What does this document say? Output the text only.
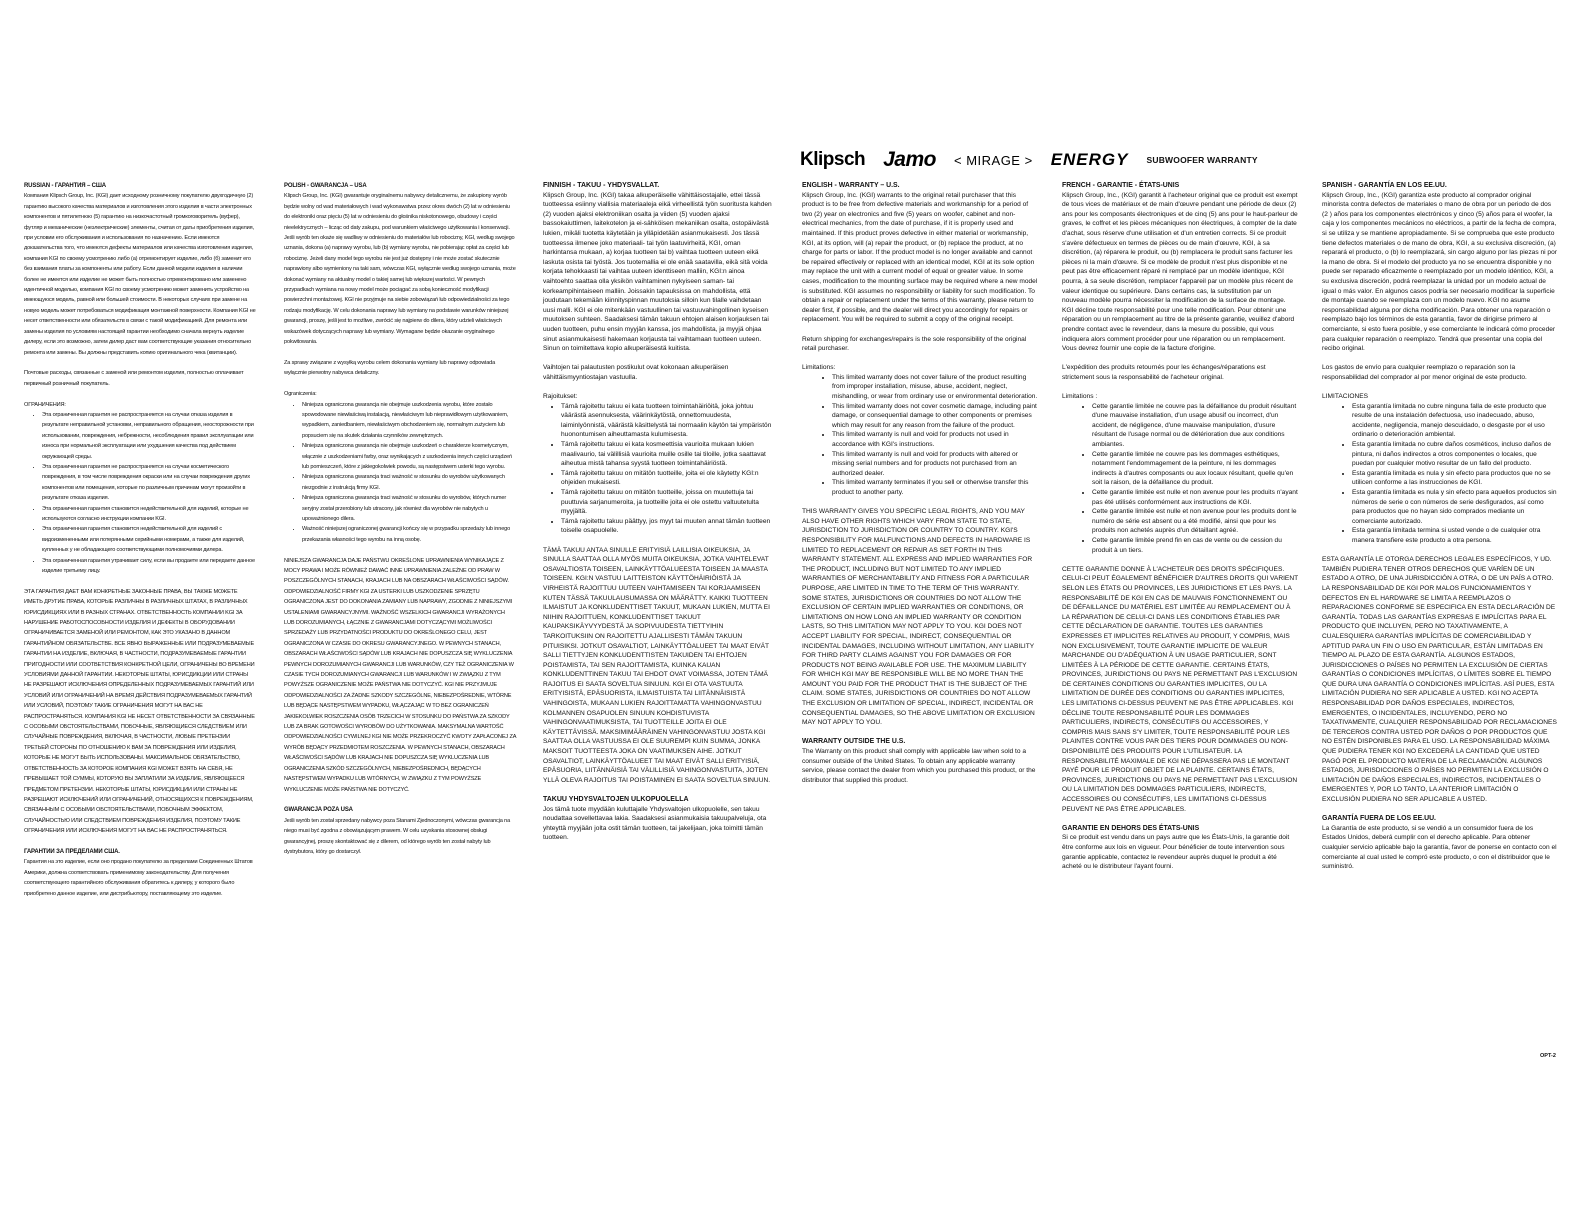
Klipsch Jamo < MIRAGE > ENERGY SUBWOOFER WARRANTY
RUSSIAN - ГАРАНТИЯ – США

Компания Klipsch Group, Inc. (KGI) дает исходному розничному покупателю двухгодичную (2) гарантию высокого качества материалов и изготовления этого изделия в части электронных компонентов и пятилетнюю (5) гарантию на низкочастотный громкоговоритель (вуфер), футляр и механические (неэлектрические) элементы, считая от даты приобретения изделия, при условии его обслуживания и использования по назначению. Если имеются доказательства того, что имеются дефекты материалов или качества изготовления изделия, компания KGI по своему усмотрению либо (а) отремонтирует изделие, либо (б) заменит его без взимания платы за компоненты или работу. Если данной модели изделия в наличии более не имеется или изделие не может быть полностью отремонтировано или заменено идентичной моделью, компания KGI по своему усмотрению может заменить устройство на имеющуюся модель, равной или большей стоимости. В некоторых случаях при замене на новую модель может потребоваться модификация монтажной поверхности. Компания KGI не несет ответственности или обязательств в связи с такой модификацией. Для ремонта или замены изделия по условиям настоящей гарантии необходимо сначала вернуть изделие дилеру, если это возможно, затем дилер даст вам соответствующие указания относительно ремонта или замены. Вы должны представить копию оригинального чека (квитанции).

Почтовые расходы, связанные с заменой или ремонтом изделия, полностью оплачивает первичный розничный покупатель.

ОГРАНИЧЕНИЯ:
• Эта ограниченная гарантия не распространяется на случаи отказа изделия в результате неправильной установки, неправильного обращения, неосторожности при использовании, повреждения, небрежности, несоблюдения правил эксплуатации или износа при нормальной эксплуатации или ухудшения качества под действием окружающей среды.
• Эта ограниченная гарантия не распространяется на случаи косметического повреждения, в том числе повреждения окраски или на случаи повреждения других компонентов или помещения, которые по различным причинам могут произойти в результате отказа изделия.
• Эта ограниченная гарантия становится недействительной для изделий, которые не используются согласно инструкции компании KGI.
• Эта ограниченная гарантия становится недействительной для изделий с видоизмененными или потерянными серийными номерами, а также для изделий, купленных у не обладающего соответствующими полномочиями дилера.
• Эта ограниченная гарантия утрачивает силу, если вы продаете или передаете данное изделие третьему лицу.

ЭТА ГАРАНТИЯ ДАЕТ ВАМ КОНКРЕТНЫЕ ЗАКОННЫЕ ПРАВА, ВЫ ТАКЖЕ МОЖЕТЕ ИМЕТЬ ДРУГИЕ ПРАВА, КОТОРЫЕ РАЗЛИЧНЫ В РАЗЛИЧНЫХ ШТАТАХ, В РАЗЛИЧНЫХ ЮРИСДИКЦИЯХ ИЛИ В РАЗНЫХ СТРАНАХ. ОТВЕТСТВЕННОСТЬ КОМПАНИИ KGI ЗА НАРУШЕНИЕ РАБОТОСПОСОБНОСТИ ИЗДЕЛИЯ И ДЕФЕКТЫ В ОБОРУДОВАНИИ ОГРАНИЧИВАЕТСЯ ЗАМЕНОЙ ИЛИ РЕМОНТОМ, КАК ЭТО УКАЗАНО В ДАННОМ ГАРАНТИЙНОМ ОБЯЗАТЕЛЬСТВЕ. ВСЕ ЯВНО ВЫРАЖЕННЫЕ ИЛИ ПОДРАЗУМЕВАЕМЫЕ ГАРАНТИИ НА ИЗДЕЛИЕ, ВКЛЮЧАЯ, В ЧАСТНОСТИ, ПОДРАЗУМЕВАЕМЫЕ ГАРАНТИИ ПРИГОДНОСТИ ИЛИ СООТВЕТСТВИЯ КОНКРЕТНОЙ ЦЕЛИ, ОГРАНИЧЕНЫ ВО ВРЕМЕНИ УСЛОВИЯМИ ДАННОЙ ГАРАНТИИ. НЕКОТОРЫЕ ШТАТЫ, ЮРИСДИКЦИИ ИЛИ СТРАНЫ НЕ РАЗРЕШАЮТ ИСКЛЮЧЕНИЯ ОПРЕДЕЛЕННЫХ ПОДРАЗУМЕВАЕМЫХ ГАРАНТИЙ ИЛИ УСЛОВИЙ ИЛИ ОГРАНИЧЕНИЙ НА ВРЕМЯ ДЕЙСТВИЯ ПОДРАЗУМЕВАЕМЫХ ГАРАНТИЙ ИЛИ УСЛОВИЙ, ПОЭТОМУ ТАКИЕ ОГРАНИЧЕНИЯ МОГУТ НА ВАС НЕ РАСПРОСТРАНЯТЬСЯ. КОМПАНИЯ KGI НЕ НЕСЕТ ОТВЕТСТВЕННОСТИ ЗА СВЯЗАННЫЕ С ОСОБЫМИ ОБСТОЯТЕЛЬСТВАМИ, ПОБОЧНЫЕ, ЯВЛЯЮЩИЕСЯ СЛЕДСТВИЕМ ИЛИ СЛУЧАЙНЫЕ ПОВРЕЖДЕНИЯ, ВКЛЮЧАЯ, В ЧАСТНОСТИ, ЛЮБЫЕ ПРЕТЕНЗИИ ТРЕТЬЕЙ СТОРОНЫ ПО ОТНОШЕНИЮ К ВАМ ЗА ПОВРЕЖДЕНИЯ ИЛИ ИЗДЕЛИЯ, КОТОРЫЕ НЕ МОГУТ БЫТЬ ИСПОЛЬЗОВАНЫ. МАКСИМАЛЬНОЕ ОБЯЗАТЕЛЬСТВО, ОТВЕТСТВЕННОСТЬ ЗА КОТОРОЕ КОМПАНИЯ KGI МОЖЕТ ВЗЯТЬ НА СЕБЯ, НЕ ПРЕВЫШАЕТ ТОЙ СУММЫ, КОТОРУЮ ВЫ ЗАПЛАТИЛИ ЗА ИЗДЕЛИЕ, ЯВЛЯЮЩЕЕСЯ ПРЕДМЕТОМ ПРЕТЕНЗИИ. НЕКОТОРЫЕ ШТАТЫ, ЮРИСДИКЦИИ ИЛИ СТРАНЫ НЕ РАЗРЕШАЮТ ИСКЛЮЧЕНИЙ ИЛИ ОГРАНИЧЕНИЙ, ОТНОСЯЩИХСЯ К ПОВРЕЖДЕНИЯМ, СВЯЗАННЫМ С ОСОБЫМИ ОБСТОЯТЕЛЬСТВАМИ, ПОБОЧНЫМ ЭФФЕКТОМ, СЛУЧАЙНОСТЬЮ ИЛИ СЛЕДСТВИЕМ ПОВРЕЖДЕНИЯ ИЗДЕЛИЯ, ПОЭТОМУ ТАКИЕ ОГРАНИЧЕНИЯ ИЛИ ИСКЛЮЧЕНИЯ МОГУТ НА ВАС НЕ РАСПРОСТРАНЯТЬСЯ.

ГАРАНТИИ ЗА ПРЕДЕЛАМИ США.

Гарантия на это изделие, если оно продано покупателю за пределами Соединенных Штатов Америки, должна соответствовать применимому законодательству. Для получения соответствующего гарантийного обслуживания обратитесь к дилеру, у которого было приобретено данное изделие, или дистрибьютору, поставляющему это изделие.

POLISH - GWARANCJA – USA

Klipsch Group, Inc. (KGI) gwarantuje oryginalnemu nabywcy detalicznemu, że zakupiony wyrób będzie wolny od wad materiałowych i wad wykonawstwa przez okres dwóch (2) lat w odniesieniu do elektroniki oraz pięciu (5) lat w odniesieniu do głośnika niskotonowego, obudowy i części nieelektrycznych – licząc od daty zakupu, pod warunkiem właściwego użytkowania i konserwacji. Jeśli wyrób ten okaże się wadliwy w odniesieniu do materiałów lub robocizny, KGI, według swojego uznania, dokona (a) naprawy wyrobu, lub (b) wymiany wyrobu, nie pobierając opłat za części lub robociznę. Jeżeli dany model tego wyrobu nie jest już dostępny i nie może zostać skutecznie naprawiony albo wymieniony na taki sam, wówczas KGI, wyłącznie według swojego uznania, może dokonać wymiany na aktualny model o takiej samej lub większej wartości. W pewnych przypadkach wymiana na nowy model może pociągać za sobą konieczność modyfikacji powierzchni montażowej. KGI nie przyjmuje na siebie zobowiązań lub odpowiedzialności za tego rodzaju modyfikację. W celu dokonania naprawy lub wymiany na podstawie warunków niniejszej gwarancji, proszę, jeśli jest to możliwe, zwrócić się najpierw do dilera, który udzieli właściwych wskazówek dotyczących naprawy lub wymiany. Wymagane będzie okazanie oryginalnego pokwitowania.

Za sprawy związane z wysyłką wyrobu celem dokonania wymiany lub naprawy odpowiada wyłącznie pierwotny nabywca detaliczny.

Ograniczenia:
• Niniejsza ograniczona gwarancja nie obejmuje uszkodzenia wyrobu, które zostało spowodowane niewłaściwą instalacją, niewłaściwym lub nieprawidłowym użytkowaniem, wypadkiem, zaniedbaniem, niewłaściwym obchodzeniem się, normalnym zużyciem lub popsuciem się na skutek działania czynników zewnętrznych.
• Niniejsza ograniczona gwarancja nie obejmuje uszkodzeń o charakterze kosmetycznym, włącznie z uszkodzeniami farby, oraz wynikających z uszkodzenia innych części urządzeń lub pomieszczeń, które z jakiegokolwiek powodu, są następstwem usterki tego wyrobu.
• Niniejsza ograniczona gwarancja traci ważność w stosunku do wyrobów użytkowanych niezgodnie z instrukcją firmy KGI.
• Niniejsza ograniczona gwarancja traci ważność w stosunku do wyrobów, których numer seryjny został przerobiony lub utracony, jak również dla wyrobów nie nabytych u upoważnionego dilera.
• Ważność niniejszej ograniczonej gwarancji kończy się w przypadku sprzedaży lub innego przekazania własności tego wyrobu na inną osobę.

NINIEJSZA GWARANCJA DAJE PAŃSTWU OKREŚLONE UPRAWNIENIA WYNIKAJĄCE Z MOCY PRAWA I MOŻE RÓWNIEŻ DAWAĆ INNE UPRAWNIENIA ZALEŻNE OD PRAW W POSZCZEGÓLNYCH STANACH, KRAJACH LUB NA OBSZARACH WŁAŚCIWOŚCI SĄDÓW. ODPOWIEDZIALNOŚĆ FIRMY KGI ZA USTERKI LUB USZKODZENIE SPRZĘTU OGRANICZONA JEST DO DOKONANIA ZAMIANY LUB NAPRAWY, ZGODNIE Z NINIEJSZYMI USTALENIAMI GWARANCYJNYMI. WAŻNOŚĆ WSZELKICH GWARANCJI WYRAŻONYCH LUB DOROZUMIANYCH, ŁĄCZNIE Z GWARANCJAMI DOTYCZĄCYMI MOŻLIWOŚCI SPRZEDAŻY LUB PRZYDATNOŚCI PRODUKTU DO OKREŚLONEGO CELU, JEST OGRANICZONA W CZASIE DO OKRESU GWARANCYJNEGO. W PEWNYCH STANACH, OBSZARACH WŁAŚCIWOŚCI SĄDÓW LUB KRAJACH NIE DOPUSZCZA SIĘ WYKLUCZENIA PEWNYCH DOROZUMIANYCH GWARANCJI LUB WARUNKÓW, CZY TEŻ OGRANICZENIA W CZASIE TYCH DOROZUMIANYCH GWARANCJI LUB WARUNKÓW I W ZWIĄZKU Z TYM POWYŻSZE OGRANICZENIE MOŻE PAŃSTWA NIE DOTYCZYĆ. KGI NIE PRZYJMUJE ODPOWIEDZIALNOŚCI ZA ŻADNE SZKODY SZCZEGÓLNE, NIEBEZPOŚREDNIE, WTÓRNE LUB BĘDĄCE NASTĘPSTWEM WYPADKU, WŁĄCZAJĄC W TO BEZ OGRANICZEŃ JAKIEKOLWIEK ROSZCZENIA OSÓB TRZECICH W STOSUNKU DO PAŃSTWA ZA SZKODY LUB ZA BRAK GOTOWOŚCI WYROBÓW DO UŻYTKOWANIA. MAKSYMALNA WARTOŚĆ ODPOWIEDZIALNOŚCI CYWILNEJ KGI NIE MOŻE PRZEKROCZYĆ KWOTY ZAPŁACONEJ ZA WYRÓB BĘDĄCY PRZEDMIOTEM ROSZCZENIA. W PEWNYCH STANACH, OBSZARACH WŁAŚCIWOŚCI SĄDÓW LUB KRAJACH NIE DOPUSZCZA SIĘ WYKLUCZENIA LUB OGRANICZENIA SZKÓD SZCZEGÓLNYCH, NIEBEZPOŚREDNICH, BĘDĄCYCH NASTĘPSTWEM WYPADKU LUB WTÓRNYCH, W ZWIĄZKU Z TYM POWYŻSZE WYKLUCZENIE MOŻE PAŃSTWA NIE DOTYCZYĆ.

GWARANCJA POZA USA

Jeśli wyrób ten został sprzedany nabywcy poza Stanami Zjednoczonymi, wówczas gwarancja na niego musi być zgodna z obowiązującym prawem. W celu uzyskania stosownej obsługi gwarancyjnej, proszę skontaktować się z dilerem, od którego wyrób ten został nabyty lub dystrybutora, który go dostarczył.

FINNISH - TAKUU - YHDYSVALLAT.

Klipsch Group, Inc. (KGI) takaa alkuperäiselle vähittäisostajalle, ettei tässä tuotteessa esiinny viallisia materiaaleja eikä virheellistä työn suoritusta kahden (2) vuoden ajaksi elektroniikan osalta ja viiden (5) vuoden ajaksi bassokaiuttimen, laitekotelon ja ei-sähköisen mekaniikan osalta, ostopäivästä lukien, mikäli tuotetta käytetään ja ylläpidetään asianmukaisesti. Jos tässä tuotteessa ilmenee joko materiaali- tai työn laatuvirheitä, KGI, oman harkintansa mukaan, a) korjaa tuotteen tai b) vaihtaa tuotteen uuteen eikä laskuta osista tai työstä. Jos tuotemallia ei ole enää saatavilla, eikä sitä voida korjata tehokkaasti tai vaihtaa uuteen identtiseen malliin, KGI:n ainoa vaihtoehto saattaa olla yksikön vaihtaminen nykyiseen saman- tai korkeampihintaiseen malliin. Joissakin tapauksissa on mahdollista, että joudutaan tekemään kiinnityspinnan muutoksia silloin kun tilalle vaihdetaan uusi malli. KGI ei ole mitenkään vastuullinen tai vastuuvahingollinen kyseisen muutoksen suhteen. Saadaksesi tämän takuun ehtojen alaisen korjauksen tai uuden tuotteen, puhu ensin myyjän kanssa, jos mahdollista, ja myyjä ohjaa sinut asianmukaisesti hakemaan korjausta tai vaihtamaan tuotteen uuteen. Sinun on toimitettava kopio alkuperäisestä kuitista.

Vaihtojen tai palautusten postikulut ovat kokonaan alkuperäisen vähittäismyyntiostajan vastuulla.

Rajoitukset:
• Tämä rajoitettu takuu ei kata tuotteen toimintahäiriöitä, joka johtuu väärästä asennuksesta, väärinkäytöstä, onnettomuudesta, laiminlyönnistä, väärästä käsittelystä tai normaalin käytön tai ympäristön huonontumisen aiheuttamasta kulumisesta.
• Tämä rajoitettu takuu ei kata kosmeettisia vaurioita mukaan lukien maalivaurio, tai välillisiä vaurioita muille osille tai tiloille, jotka saattavat aiheutua mistä tahansa syystä tuotteen toimintahäiriöstä.
• Tämä rajoitettu takuu on mitätön tuotteille, joita ei ole käytetty KGI:n ohjeiden mukaisesti.
• Tämä rajoitettu takuu on mitätön tuotteille, joissa on muutettuja tai puuttuvia sarjanumeroita, ja tuotteille joita ei ole ostettu valtuutetulta myyjältä.
• Tämä rajoitettu takuu päättyy, jos myyt tai muuten annat tämän tuotteen toiselle osapuolelle.

TÄMÄ TAKUU ANTAA SINULLE ERITYISIÄ LAILLISIA OIKEUKSIA, JA SINULLA SAATTAA OLLA MYÖS MUITA OIKEUKSIA, JOTKA VAIHTELEVAT OSAVALTIOSTA TOISEEN, LAINKÄYTTÖALUEESTA TOISEEN JA MAASTA TOISEEN. KGI:N VASTUU LAITTEISTON KÄYTTÖHÄIRIÖISTÄ JA VIRHEISTÄ RAJOITTUU UUTEEN VAIHTAMISEEN TAI KORJAAMISEEN KUTEN TÄSSÄ TAKUULAUSUMASSA ON MÄÄRÄTTY. KAIKKI TUOTTEEN ILMAISTUT JA KONKLUDENTTISET TAKUUT, MUKAAN LUKIEN, MUTTA EI NIIHIN RAJOITTUEN, KONKLUDENTTISET TAKUUT KAUPAKSIKÄYVYYDESTÄ JA SOPIVUUDESTA TIETTYIHIN TARKOITUKSIIN ON RAJOITETTU AJALLISESTI TÄMÄN TAKUUN PITUISIKSI. JOTKUT OSAVALTIOT, LAINKÄYTTÖALUEET TAI MAAT EIVÄT SALLI TIETTYJEN KONKLUDENTTISTEN TAKUIDEN TAI EHTOJEN POISTAMISTA, TAI SEN RAJOITTAMISTA, KUINKA KAUAN KONKLUDENTTINEN TAKUU TAI EHDOT OVAT VOIMASSA, JOTEN TÄMÄ RAJOITUS EI SAATA SOVELTUA SINUUN. KGI EI OTA VASTUUTA ERITYISISTÄ, EPÄSUORISTA, ILMAISTUISTA TAI LIITÄNNÄISISTÄ VAHINGOISTA, MUKAAN LUKIEN RAJOITTAMATTA VAHINGONVASTUU KOLMANNEN OSAPUOLEN SINUUN KOHDISTUVISTA VAHINGONVAATIMUKSISTA, TAI TUOTTEILLE JOITA EI OLE KÄYTETTÄVISSÄ. MAKSIMIMÄÄRÄINEN VAHINGONVASTUU JOSTA KGI SAATTAA OLLA VASTUUSSA EI OLE SUUREMPI KUIN SUMMA, JONKA MAKSOIT TUOTTEESTA JOKA ON VAATIMUKSEN AIHE. JOTKUT OSAVALTIOT, LAINKÄYTTÖALUEET TAI MAAT EIVÄT SALLI ERITYISIÄ, EPÄSUORIA, LIITÄNNÄISIÄ TAI VÄLILLISIÄ VAHINGONVASTUITA, JOTEN YLLÄ OLEVA RAJOITUS TAI POISTAMINEN EI SAATA SOVELTUA SINUUN.

TAKUU YHDYSVALTOJEN ULKOPUOLELLA

Jos tämä tuote myydään kuluttajalle Yhdysvaltojen ulkopuolelle, sen takuu noudattaa sovellettavaa lakia. Saadaksesi asianmukaisia takuupalveluja, ota yhteyttä myyjään jolta ostit tämän tuotteen, tai jakelijaan, joka toimitti tämän tuotteen.

ENGLISH - WARRANTY – U.S.

Klipsch Group, Inc. (KGI) warrants to the original retail purchaser that this product is to be free from defective materials and workmanship for a period of two (2) year on electronics and five (5) years on woofer, cabinet and non-electrical mechanics, from the date of purchase, if it is properly used and maintained. If this product proves defective in either material or workmanship, KGI, at its option, will (a) repair the product, or (b) replace the product, at no charge for parts or labor. If the product model is no longer available and cannot be repaired effectively or replaced with an identical model, KGI at its sole option may replace the unit with a current model of equal or greater value. In some cases, modification to the mounting surface may be required where a new model is substituted. KGI assumes no responsibility or liability for such modification. To obtain a repair or replacement under the terms of this warranty, please return to dealer first, if possible, and the dealer will direct you accordingly for repairs or replacement. You will be required to submit a copy of the original receipt.

Return shipping for exchanges/repairs is the sole responsibility of the original retail purchaser.

Limitations:
• This limited warranty does not cover failure of the product resulting from improper installation, misuse, abuse, accident, neglect, mishandling, or wear from ordinary use or environmental deterioration.
• This limited warranty does not cover cosmetic damage, including paint damage, or consequential damage to other components or premises which may result for any reason from the failure of the product.
• This limited warranty is null and void for products not used in accordance with KGI's instructions.
• This limited warranty is null and void for products with altered or missing serial numbers and for products not purchased from an authorized dealer.
• This limited warranty terminates if you sell or otherwise transfer this product to another party.

THIS WARRANTY GIVES YOU SPECIFIC LEGAL RIGHTS, AND YOU MAY ALSO HAVE OTHER RIGHTS WHICH VARY FROM STATE TO STATE, JURISDICTION TO JURISDICTION OR COUNTRY TO COUNTRY. KGI'S RESPONSIBILITY FOR MALFUNCTIONS AND DEFECTS IN HARDWARE IS LIMITED TO REPLACEMENT OR REPAIR AS SET FORTH IN THIS WARRANTY STATEMENT. ALL EXPRESS AND IMPLIED WARRANTIES FOR THE PRODUCT, INCLUDING BUT NOT LIMITED TO ANY IMPLIED WARRANTIES OF MERCHANTABILITY AND FITNESS FOR A PARTICULAR PURPOSE, ARE LIMITED IN TIME TO THE TERM OF THIS WARRANTY. SOME STATES, JURISDICTIONS OR COUNTRIES DO NOT ALLOW THE EXCLUSION OF CERTAIN IMPLIED WARRANTIES OR CONDITIONS, OR LIMITATIONS ON HOW LONG AN IMPLIED WARRANTY OR CONDITION LASTS, SO THIS LIMITATION MAY NOT APPLY TO YOU. KGI DOES NOT ACCEPT LIABILITY FOR SPECIAL, INDIRECT, CONSEQUENTIAL OR INCIDENTAL DAMAGES, INCLUDING WITHOUT LIMITATION, ANY LIABILITY FOR THIRD PARTY CLAIMS AGAINST YOU FOR DAMAGES OR FOR PRODUCTS NOT BEING AVAILABLE FOR USE. THE MAXIMUM LIABILITY FOR WHICH KGI MAY BE RESPONSIBLE WILL BE NO MORE THAN THE AMOUNT YOU PAID FOR THE PRODUCT THAT IS THE SUBJECT OF THE CLAIM. SOME STATES, JURISDICTIONS OR COUNTRIES DO NOT ALLOW THE EXCLUSION OR LIMITATION OF SPECIAL, INDIRECT, INCIDENTAL OR CONSEQUENTIAL DAMAGES, SO THE ABOVE LIMITATION OR EXCLUSION MAY NOT APPLY TO YOU.

WARRANTY OUTSIDE THE U.S.

The Warranty on this product shall comply with applicable law when sold to a consumer outside of the United States. To obtain any applicable warranty service, please contact the dealer from which you purchased this product, or the distributor that supplied this product.

FRENCH - GARANTIE - ÉTATS-UNIS

Klipsch Group, Inc., (KGI) garantit à l'acheteur original que ce produit est exempt de tous vices de matériaux et de main d'œuvre pendant une période de deux (2) ans pour les composants électroniques et de cinq (5) ans pour le haut-parleur de graves, le coffret et les pièces mécaniques non électriques, à compter de la date d'achat, sous réserve d'une utilisation et d'un entretien corrects. Si ce produit s'avère défectueux en termes de pièces ou de main d'œuvre, KGI, à sa discrétion, (a) réparera le produit, ou (b) remplacera le produit sans facturer les pièces ni la main d'œuvre. Si ce modèle de produit n'est plus disponible et ne peut pas être efficacement réparé ni remplacé par un modèle identique, KGI pourra, à sa seule discrétion, remplacer l'appareil par un modèle plus récent de valeur identique ou supérieure. Dans certains cas, la substitution par un nouveau modèle pourra nécessiter la modification de la surface de montage. KGI décline toute responsabilité pour une telle modification. Pour obtenir une réparation ou un remplacement au titre de la présente garantie, veuillez d'abord prendre contact avec le revendeur, dans la mesure du possible, qui vous indiquera alors comment procéder pour une réparation ou un remplacement. Vous devrez fournir une copie de la facture d'origine.

L'expédition des produits retournés pour les échanges/réparations est strictement sous la responsabilité de l'acheteur original.

Limitations :
• Cette garantie limitée ne couvre pas la défaillance du produit résultant d'une mauvaise installation, d'un usage abusif ou incorrect, d'un accident, de négligence, d'une mauvaise manipulation, d'usure résultant de l'usage normal ou de détérioration due aux conditions ambiantes.
• Cette garantie limitée ne couvre pas les dommages esthétiques, notamment l'endommagement de la peinture, ni les dommages indirects à d'autres composants ou aux locaux résultant, quelle qu'en soit la raison, de la défaillance du produit.
• Cette garantie limitée est nulle et non avenue pour les produits n'ayant pas été utilisés conformément aux instructions de KGI.
• Cette garantie limitée est nulle et non avenue pour les produits dont le numéro de série est absent ou a été modifié, ainsi que pour les produits non achetés auprès d'un détaillant agréé.
• Cette garantie limitée prend fin en cas de vente ou de cession du produit à un tiers.

CETTE GARANTIE DONNE À L'ACHETEUR DES DROITS SPÉCIFIQUES. CELUI-CI PEUT ÉGALEMENT BÉNÉFICIER D'AUTRES DROITS QUI VARIENT SELON LES ÉTATS OU PROVINCES, LES JURIDICTIONS ET LES PAYS. LA RESPONSABILITÉ DE KGI EN CAS DE MAUVAIS FONCTIONNEMENT OU DE DÉFAILLANCE DU MATÉRIEL EST LIMITÉE AU REMPLACEMENT OU À LA RÉPARATION DE CELUI-CI DANS LES CONDITIONS ÉTABLIES PAR CETTE DÉCLARATION DE GARANTIE. TOUTES LES GARANTIES EXPRESSES ET IMPLICITES RELATIVES AU PRODUIT, Y COMPRIS, MAIS NON EXCLUSIVEMENT, TOUTE GARANTIE IMPLICITE DE VALEUR MARCHANDE OU D'ADÉQUATION À UN USAGE PARTICULIER, SONT LIMITÉES À LA PÉRIODE DE CETTE GARANTIE. CERTAINS ÉTATS, PROVINCES, JURIDICTIONS OU PAYS NE PERMETTANT PAS L'EXCLUSION DE CERTAINES CONDITIONS OU GARANTIES IMPLICITES, OU LA LIMITATION DE DURÉE DES CONDITIONS OU GARANTIES IMPLICITES, LES LIMITATIONS CI-DESSUS PEUVENT NE PAS ÊTRE APPLICABLES. KGI DÉCLINE TOUTE RESPONSABILITÉ POUR LES DOMMAGES PARTICULIERS, INDIRECTS, CONSÉCUTIFS OU ACCESSOIRES, Y COMPRIS MAIS SANS S'Y LIMITER, TOUTE RESPONSABILITÉ POUR LES PLAINTES CONTRE VOUS PAR DES TIERS POUR DOMMAGES OU NON-DISPONIBILITÉ DES PRODUITS POUR L'UTILISATEUR. LA RESPONSABILITÉ MAXIMALE DE KGI NE DÉPASSERA PAS LE MONTANT PAYÉ POUR LE PRODUIT OBJET DE LA PLAINTE. CERTAINS ÉTATS, PROVINCES, JURIDICTIONS OU PAYS NE PERMETTANT PAS L'EXCLUSION OU LA LIMITATION DES DOMMAGES PARTICULIERS, INDIRECTS, ACCESSOIRES OU CONSÉCUTIFS, LES LIMITATIONS CI-DESSUS PEUVENT NE PAS ÊTRE APPLICABLES.

GARANTIE EN DEHORS DES ÉTATS-UNIS

Si ce produit est vendu dans un pays autre que les États-Unis, la garantie doit être conforme aux lois en vigueur. Pour bénéficier de toute intervention sous garantie applicable, contactez le revendeur auprès duquel le produit a été acheté ou le distributeur l'ayant fourni.

SPANISH - GARANTÍA EN LOS EE.UU.

Klipsch Group, Inc., (KGI) garantiza este producto al comprador original minorista contra defectos de materiales o mano de obra por un periodo de dos (2 ) años para los componentes electrónicos y cinco (5) años para el woofer, la caja y los componentes mecánicos no eléctricos, a partir de la fecha de compra, si se utiliza y se mantiene apropiadamente. Si se comprueba que este producto tiene defectos materiales o de mano de obra, KGI, a su exclusiva discreción, (a) reparará el producto, o (b) lo reemplazará, sin cargo alguno por las piezas ni por la mano de obra. Si el modelo del producto ya no se encuentra disponible y no puede ser reparado eficazmente o reemplazado por un modelo idéntico, KGI, a su exclusiva discreción, podrá reemplazar la unidad por un modelo actual de igual o más valor. En algunos casos podría ser necesario modificar la superficie de montaje cuando se reemplaza con un modelo nuevo. KGI no asume responsabilidad alguna por dicha modificación. Para obtener una reparación o reemplazo bajo los términos de esta garantía, favor de dirigirse primero al comerciante, si esto fuera posible, y ese comerciante le indicará cómo proceder para cualquier reparación o reemplazo. Tendrá que presentar una copia del recibo original.

Los gastos de envío para cualquier reemplazo o reparación son la responsabilidad del comprador al por menor original de este producto.

LIMITACIONES
• Esta garantía limitada no cubre ninguna falla de este producto que resulte de una instalación defectuosa, uso inadecuado, abuso, accidente, negligencia, manejo descuidado, o desgaste por el uso ordinario o deterioración ambiental.
• Esta garantía limitada no cubre daños cosméticos, incluso daños de pintura, ni daños indirectos a otros componentes o locales, que puedan por cualquier motivo resultar de un fallo del producto.
• Esta garantía limitada es nula y sin efecto para productos que no se utilicen conforme a las instrucciones de KGI.
• Esta garantía limitada es nula y sin efecto para aquellos productos sin números de serie o con números de serie desfigurados, así como para productos que no hayan sido comprados mediante un comerciante autorizado.
• Esta garantía limitada termina si usted vende o de cualquier otra manera transfiere este producto a otra persona.

ESTA GARANTÍA LE OTORGA DERECHOS LEGALES ESPECÍFICOS, Y UD. TAMBIÉN PUDIERA TENER OTROS DERECHOS QUE VARÍEN DE UN ESTADO A OTRO, DE UNA JURISDICCIÓN A OTRA, O DE UN PAÍS A OTRO. LA RESPONSABILIDAD DE KGI POR MALOS FUNCIONAMIENTOS Y DEFECTOS EN EL HARDWARE SE LIMITA A REEMPLAZOS O REPARACIONES CONFORME SE ESPECIFICA EN ESTA DECLARACIÓN DE GARANTÍA. TODAS LAS GARANTÍAS EXPRESAS E IMPLÍCITAS PARA EL PRODUCTO QUE INCLUYEN, PERO NO TAXATIVAMENTE, A CUALESQUIERA GARANTÍAS IMPLÍCITAS DE COMERCIABILIDAD Y APTITUD PARA UN FIN O USO EN PARTICULAR, ESTÁN LIMITADAS EN TIEMPO AL PLAZO DE ESTA GARANTÍA. ALGUNOS ESTADOS, JURISDICCIONES O PAÍSES NO PERMITEN LA EXCLUSIÓN DE CIERTAS GARANTÍAS O CONDICIONES IMPLÍCITAS, O LÍMITES SOBRE EL TIEMPO QUE DURA UNA GARANTÍA O CONDICIONES IMPLÍCITAS. ASÍ PUES, ESTA LIMITACIÓN PUDIERA NO SER APLICABLE A USTED. KGI NO ACEPTA RESPONSABILIDAD POR DAÑOS ESPECIALES, INDIRECTOS, EMERGENTES, O INCIDENTALES, INCLUYENDO, PERO NO TAXATIVAMENTE, CUALQUIER RESPONSABILIDAD POR RECLAMACIONES DE TERCEROS CONTRA USTED POR DAÑOS O POR PRODUCTOS QUE NO ESTÉN DISPONIBLES PARA EL USO. LA RESPONSABILIDAD MÁXIMA QUE PUDIERA TENER KGI NO EXCEDERÁ LA CANTIDAD QUE USTED PAGÓ POR EL PRODUCTO MATERIA DE LA RECLAMACIÓN. ALGUNOS ESTADOS, JURISDICCIONES O PAÍSES NO PERMITEN LA EXCLUSIÓN O LIMITACIÓN DE DAÑOS ESPECIALES, INDIRECTOS, INCIDENTALES O EMERGENTES Y, POR LO TANTO, LA ANTERIOR LIMITACIÓN O EXCLUSIÓN PUDIERA NO SER APLICABLE A USTED.

GARANTÍA FUERA DE LOS EE.UU.

La Garantía de este producto, si se vendió a un consumidor fuera de los Estados Unidos, deberá cumplir con el derecho aplicable. Para obtener cualquier servicio aplicable bajo la garantía, favor de ponerse en contacto con el comerciante al cual usted le compró este producto, o con el distribuidor que le suministró.

OPT-2
